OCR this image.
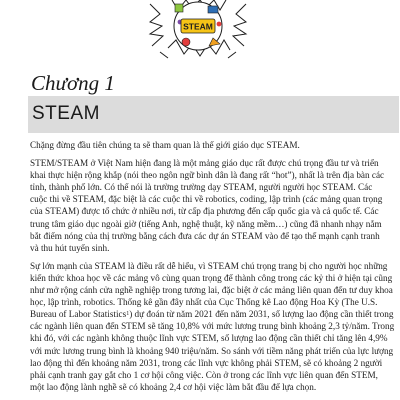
STEAM
Chương 1
STEAM
Chặng đừng đầu tiên chúng ta sẽ tham quan là thế giới giáo dục STEAM.
STEM/STEAM ở Việt Nam hiện đang là một mảng giáo dục rất được chú trọng đầu tư và triển
khai thực hiện rộng khắp (nói theo ngôn ngữ bình dân là đang rất “hot”), nhất là trên địa bàn các
tỉnh, thành phố lớn. Có thể nói là trường trường dạy STEAM, người người học STEAM. Các
cuộc thi về STEAM, đặc biệt là các cuộc thi về robotics, coding, lập trình (các mảng quan trọng
của STEAM) được tổ chức ở nhiều nơi, từ cấp địa phương đến cấp quốc gia và cả quốc tế. Các
trung tâm giáo dục ngoài giờ (tiếng Anh, nghệ thuật, kỹ năng mềm…) cũng đã nhanh nhạy nắm
bắt điểm nóng của thị trường bằng cách đưa các dự án STEAM vào để tạo thế mạnh cạnh tranh
và thu hút tuyển sinh.
Sự lớn mạnh của STEAM là điều rất dễ hiểu, vì STEAM chú trọng trang bị cho người học những
kiến thức khoa học về các mảng vô cùng quan trọng để thành công trong các kỷ thi ở hiện tại cũng
như mở rộng cánh cửa nghề nghiệp trong tương lai, đặc biệt ở các mảng liên quan đến tư duy khoa
học, lập trình, robotics. Thống kê gần đây nhất của Cục Thống kê Lao động Hoa Kỳ (The U.S.
Bureau of Labor Statistics$^1$) dự đoán từ năm 2021 đến năm 2031, số lượng lao động cần thiết trong
các ngành liên quan đến STEM sẽ tăng 10,8% với mức lương trung bình khoảng 2,3 tỷ/năm. Trong
khi đó, với các ngành không thuộc lĩnh vực STEM, số lượng lao động cần thiết chỉ tăng lên 4,9%
với mức lương trung bình là khoảng 940 triệu/năm. So sánh với tiềm năng phát triển của lực lượng
lao động thì đến khoảng năm 2031, trong các lĩnh vực không phải STEM, sẽ có khoảng 2 người
phải cạnh tranh gay gắt cho 1 cơ hội công việc. Còn ở trong các lĩnh vực liên quan đến STEM,
một lao động lành nghề sẽ có khoảng 2,4 cơ hội việc làm bắt đầu để lựa chọn.
